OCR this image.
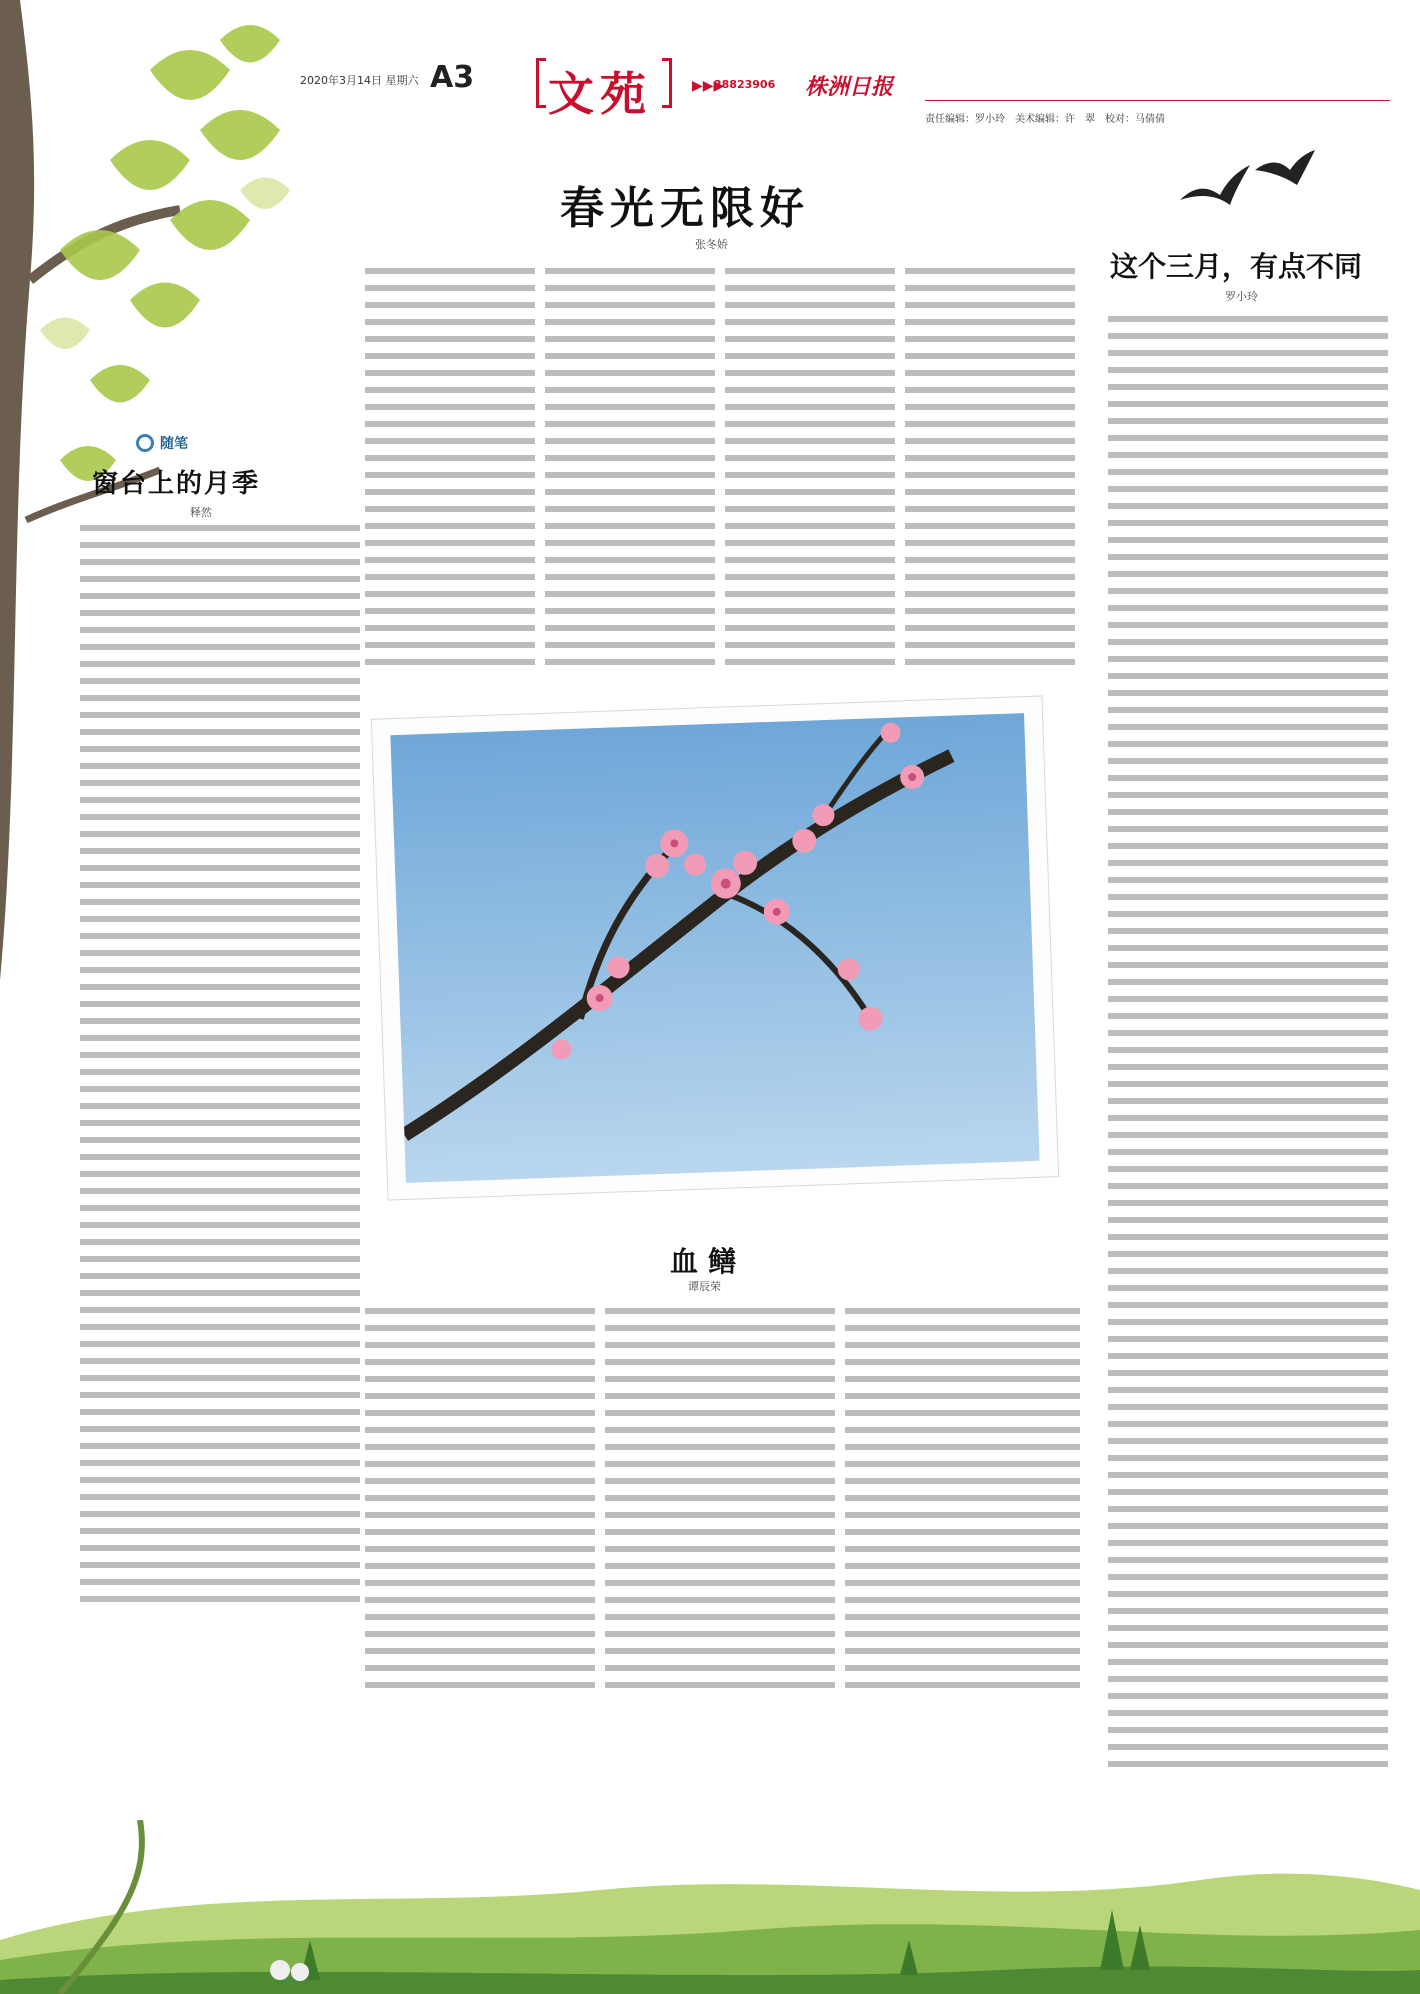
2020年3月14日 星期六 A3 文苑	▶▶▶
28823906 株洲日报
责任编辑：罗小玲　美术编辑：许　翠　校对：马倩倩
春光无限好
张冬娇
这个三月，有点不同
罗小玲
随笔
窗台上的月季
释然
血鳝
谭辰荣
